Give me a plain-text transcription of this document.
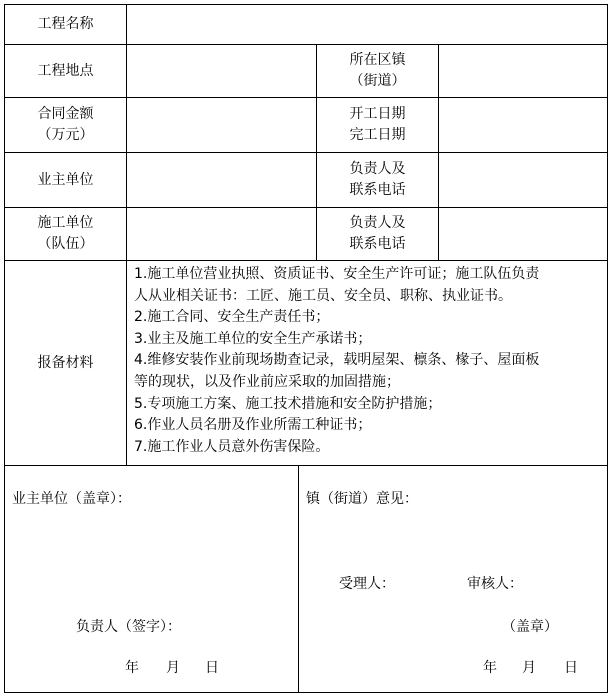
工程名称
工程地点
所在区镇
（街道）
合同金额
（万元）
开工日期
完工日期
业主单位
负责人及
联系电话
施工单位
（队伍）
负责人及
联系电话
报备材料
1.施工单位营业执照、资质证书、安全生产许可证；施工队伍负责
人从业相关证书：工匠、施工员、安全员、职称、执业证书。
2.施工合同、安全生产责任书；
3.业主及施工单位的安全生产承诺书；
4.维修安装作业前现场勘查记录，载明屋架、檩条、椽子、屋面板
等的现状，以及作业前应采取的加固措施；
5.专项施工方案、施工技术措施和安全防护措施；
6.作业人员名册及作业所需工种证书；
7.施工作业人员意外伤害保险。
业主单位（盖章）：
负责人（签字）：
年 月 日
镇（街道）意见：
受理人：	审核人：
（盖章）
年 月 日
